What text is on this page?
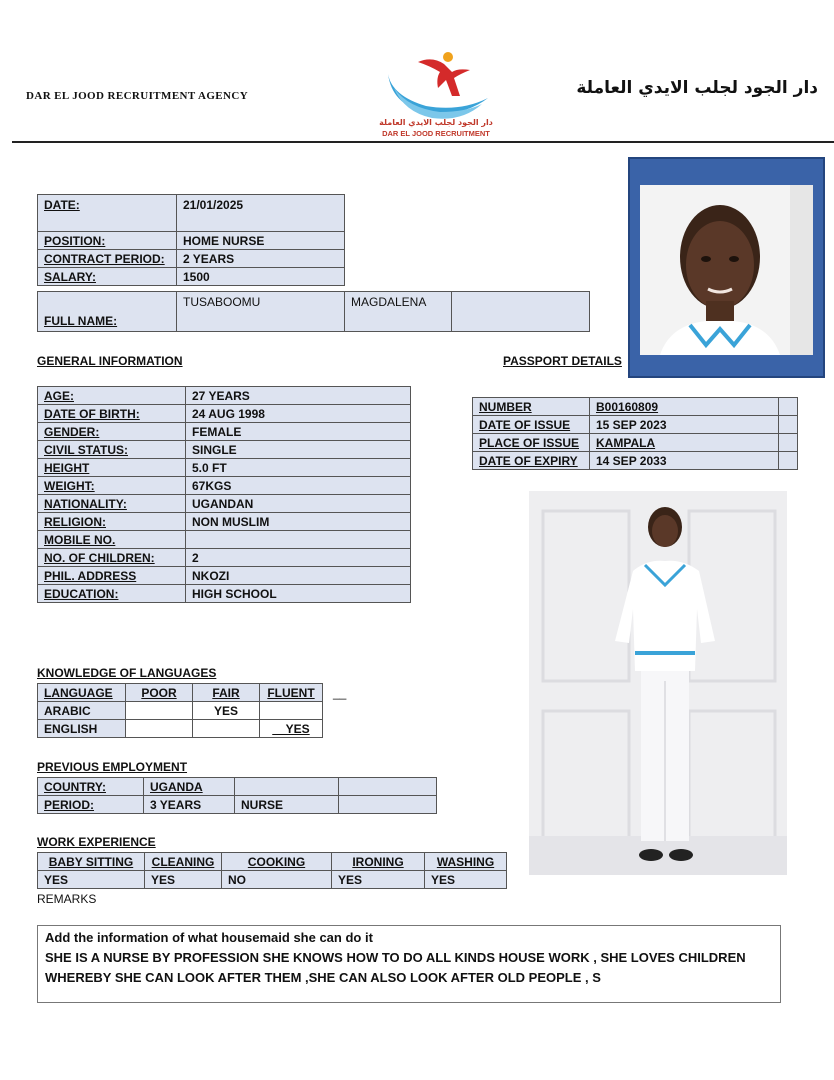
DAR EL JOOD RECRUITMENT AGENCY
دار الجود لجلب الايدي العاملة
DAR EL JOOD RECRUITMENT
دار الجود لجلب الايدي العاملة
DATE:	21/01/2025
POSITION:	HOME NURSE
CONTRACT PERIOD:	2 YEARS
SALARY:	1500
FULL NAME:	TUSABOOMU	MAGDALENA	
GENERAL INFORMATION	PASSPORT DETAILS
AGE:	27 YEARS
DATE OF BIRTH:	24 AUG 1998
GENDER:	FEMALE
CIVIL STATUS:	SINGLE
HEIGHT	5.0 FT
WEIGHT:	67KGS
NATIONALITY:	UGANDAN
RELIGION:	NON MUSLIM
MOBILE NO.	
NO. OF CHILDREN:	2
PHIL. ADDRESS	NKOZI
EDUCATION:	HIGH SCHOOL
NUMBER	B00160809	
DATE OF ISSUE	15 SEP 2023	
PLACE OF ISSUE	KAMPALA	
DATE OF EXPIRY	14 SEP 2033	
KNOWLEDGE OF LANGUAGES
LANGUAGE	POOR	FAIR	FLUENT
ARABIC		YES	
ENGLISH			__YES
__
PREVIOUS EMPLOYMENT
COUNTRY:	UGANDA		
PERIOD:	3 YEARS	NURSE	
WORK EXPERIENCE
BABY SITTING	CLEANING	COOKING	IRONING	WASHING
YES	YES	NO	YES	YES
REMARKS
Add the information of what housemaid she can do it
SHE IS A NURSE BY PROFESSION SHE KNOWS HOW TO DO ALL KINDS HOUSE WORK , SHE LOVES CHILDREN
WHEREBY SHE CAN LOOK AFTER THEM ,SHE CAN ALSO LOOK AFTER OLD PEOPLE , S
